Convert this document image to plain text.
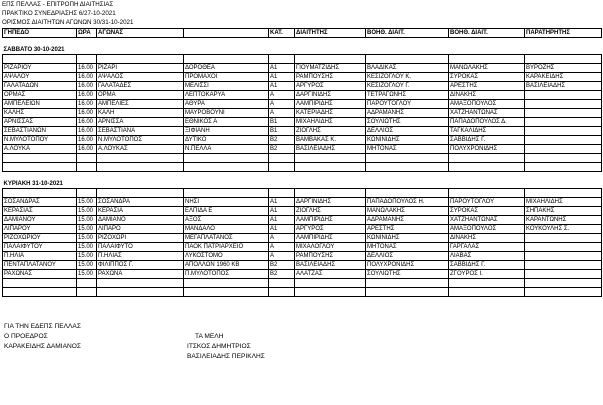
ΕΠΣ ΠΕΛΛΑΣ - ΕΠΙΤΡΟΠΗ ΔΙΑΙΤΗΣΙΑΣ
ΠΡΑΚΤΙΚΟ ΣΥΝΕΔΡΙΑΣΗΣ 6/27-10-2021
ΟΡΙΣΜΟΣ ΔΙΑΙΤΗΤΩΝ ΑΓΩΝΩΝ 30/31-10-2021
ΓΗΠΕΔΟ	ΩΡΑ	ΑΓΩΝΑΣ		ΚΑΤ.	ΔΙΑΙΤΗΤΗΣ	ΒΟΗΘ. ΔΙΑΙΤ.	ΒΟΗΘ. ΔΙΑΙΤ.	ΠΑΡΑΤΗΡΗΤΗΣ

ΣΑΒΒΑΤΟ 30-10-2021								

ΡΙΖΑΡΙΟΥ	16.00	ΡΙΖΑΡΙ	ΔΟΡΟΘΕΑ	Α1	ΓΙΟΥΜΑΤΖΙΔΗΣ	ΒΛΑΔΙΚΑΣ	ΜΑΝΩΛΑΚΗΣ	ΒΥΡΟΖΗΣ
ΑΨΑΛΟΥ	16.00	ΑΨΑΛΟΣ	ΠΡΟΜΑΧΟΙ	Α1	ΡΑΜΠΟΥΣΗΣ	ΚΕΣΙΖΟΓΛΟΥ Κ.	ΣΥΡΟΚΑΣ	ΚΑΡΑΚΕΙΔΗΣ
ΓΑΛΑΤΑΔΩΝ	16.00	ΓΑΛΑΤΑΔΕΣ	ΜΕΛΙΣΣΙ	Α1	ΑΡΓΥΡΟΣ	ΚΕΣΙΖΟΓΛΟΥ Γ.	ΑΡΕΣΤΗΣ	ΒΑΣΙΛΕΙΑΔΗΣ
ΟΡΜΑΣ	16.00	ΟΡΜΑ	ΛΕΠΤΟΚΑΡΥΑ	Α	ΔΑΡΓΙΝΙΔΗΣ	ΤΕΤΡΑΓΩΝΗΣ	ΔΙΝΑΚΗΣ	
ΑΜΠΕΛΕΙΩΝ	16.00	ΑΜΠΕΛΙΕΣ	ΑΘΥΡΑ	Α	ΛΑΜΠΙΡΙΔΗΣ	ΠΑΡΟΥΤΟΓΛΟΥ	ΑΜΑΞΟΠΟΥΛΟΣ	
ΚΑΛΗΣ	16.00	ΚΑΛΗ	ΜΑΥΡΟΒΟΥΝΙ	Α	ΚΑΤΕΡΙΑΔΗΣ	ΑΔΡΑΜΑΝΗΣ	ΧΑΤΖΗΑΝΤΩΝΑΣ	
ΑΡΝΙΣΣΑΣ	16.00	ΑΡΝΙΣΣΑ	ΕΘΝΙΚΟΣ Α	Β1	ΜΙΧΑΗΛΙΔΗΣ	ΣΟΥΛΙΩΤΗΣ	ΠΑΠΑΔΟΠΟΥΛΟΣ Δ.	
ΣΕΒΑΣΤΙΑΝΩΝ	16.00	ΣΕΒΑΣΤΙΑΝΑ	ΞΙΦΙΑΝΗ	Β1	ΖΙΟΓΛΗΣ	ΔΕΛΛΙΟΣ	ΤΑΓΚΑΛΙΔΗΣ	
Ν.ΜΥΛΟΤΟΠΟΥ	16.00	Ν.ΜΥΛΟΤΟΠΟΣ	ΔΥΤΙΚΟ	Β2	ΒΑΜΒΑΚΑΣ Κ.	ΚΩΝΙΝΙΔΗΣ	ΣΑΒΒΙΔΗΣ Γ.	
Α.ΛΟΥΚΑ	16.00	Α.ΛΟΥΚΑΣ	Ν.ΠΕΛΛΑ	Β2	ΒΑΣΙΛΕΙΑΔΗΣ	ΜΗΤΟΝΑΣ	ΠΟΛΥΧΡΟΝΙΔΗΣ	

ΚΥΡΙΑΚΗ 31-10-2021								

ΣΟΣΑΝΔΡΑΣ	15.00	ΣΟΣΑΝΔΡΑ	ΝΗΣΙ	Α1	ΔΑΡΓΙΝΙΔΗΣ	ΠΑΠΑΔΟΠΟΥΛΟΣ Η.	ΠΑΡΟΥΤΟΓΛΟΥ	ΜΙΧΑΗΛΙΔΗΣ
ΚΕΡΑΣΙΑΣ	15.00	ΚΕΡΑΣΙΑ	ΕΛΠΙΔΑ Ε	Α1	ΖΙΟΓΛΗΣ	ΜΑΝΩΛΑΚΗΣ	ΣΥΡΟΚΑΣ	ΣΗΠΑΚΗΣ
ΔΑΜΙΑΝΟΥ	15.00	ΔΑΜΙΑΝΟ	ΑΞΟΣ	Α1	ΛΑΜΠΙΡΙΔΗΣ	ΑΔΡΑΜΑΝΗΣ	ΧΑΤΖΗΑΝΤΩΝΑΣ	ΚΑΡΑΝΤΩΝΗΣ
ΛΙΠΑΡΟΥ	15.00	ΛΙΠΑΡΟ	ΜΑΝΔΑΛΟ	Α1	ΑΡΓΥΡΟΣ	ΑΡΕΣΤΗΣ	ΑΜΑΞΟΠΟΥΛΟΣ	ΚΟΥΚΟΥΛΗΣ Σ.
ΡΙΖΟΧΩΡΙΟΥ	15.00	ΡΙΖΟΧΩΡΙ	ΜΕΓΑΠΛΑΤΑΝΟΣ	Α	ΛΑΜΠΙΡΙΔΗΣ	ΚΩΝΙΝΙΔΗΣ	ΔΙΝΑΚΗΣ	
ΠΑΛΑΙΦΥΤΟΥ	15.00	ΠΑΛΑΙΦΥΤΟ	ΠΑΟΚ ΠΑΤΡΙΑΡΧΕΙΟ	Α	ΜΙΧΑΛΟΓΛΟΥ	ΜΗΤΟΝΑΣ	ΓΑΡΓΑΛΑΣ	
Π.ΗΛΙΑ	15.00	Π.ΗΛΙΑΣ	ΛΥΚΟΣΤΟΜΟ	Α	ΡΑΜΠΟΥΣΗΣ	ΔΕΛΛΙΟΣ	ΛΙΑΒΑΣ	
ΠΕΝΤΑΠΛΑΤΑΝΟΥ	15.00	ΦΙΛΙΠΠΟΣ Γ.	ΑΠΟΛΛΩΝ 1960 ΚΒ	Β2	ΒΑΣΙΛΕΙΑΔΗΣ	ΠΟΛΥΧΡΟΝΙΔΗΣ	ΣΑΒΒΙΔΗΣ Γ.	
ΡΑΧΩΝΑΣ	15.00	ΡΑΧΩΝΑ	Π.ΜΥΛΟΤΟΠΟΣ	Β2	ΑΛΑΤΖΑΣ	ΣΟΥΛΙΩΤΗΣ	ΖΓΟΥΡΟΣ Ι.	

ΓΙΑ ΤΗΝ ΕΔΕΠΣ ΠΕΛΛΑΣ
Ο ΠΡΟΕΔΡΟΣ
ΚΑΡΑΚΕΙΔΗΣ ΔΑΜΙΑΝΟΣ
ΤΑ ΜΕΛΗ
ΙΤΣΚΟΣ ΔΗΜΗΤΡΙΟΣ
ΒΑΣΙΛΕΙΑΔΗΣ ΠΕΡΙΚΛΗΣ
